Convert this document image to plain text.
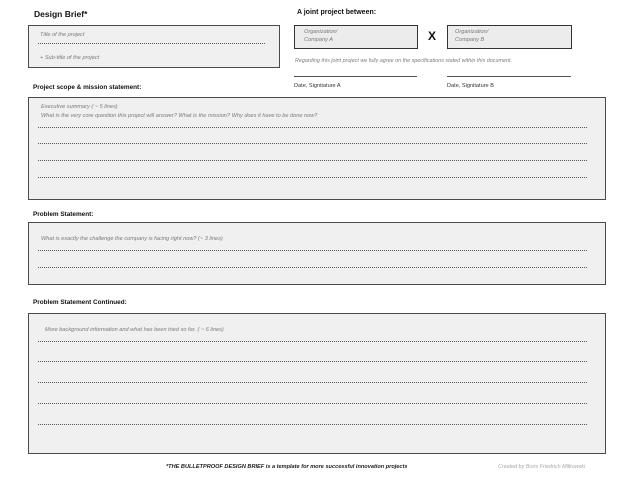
Design Brief*	A joint project between:
Title of the project
+ Sub-title of the project
Organization/
Company A	X	Organization/
Company B
Regarding this joint project we fully agree on the specifications stated within this document.
Date, Signitature A	Date, Signitature B
Project scope & mission statement:
Executive summary ( ~ 5 lines)
What is the very core question this project will answer? What is the mission? Why does it have to be done now?
Problem Statement:
What is exactly the challenge the company is facing right now? (~ 3 lines)
Problem Statement Continued:
More background information and what has been tried so far. ( ~ 6 lines)
*THE BULLETPROOF DESIGN BRIEF is a template for more successful innovation projects	Created by Boris Friedrich Milkowski
